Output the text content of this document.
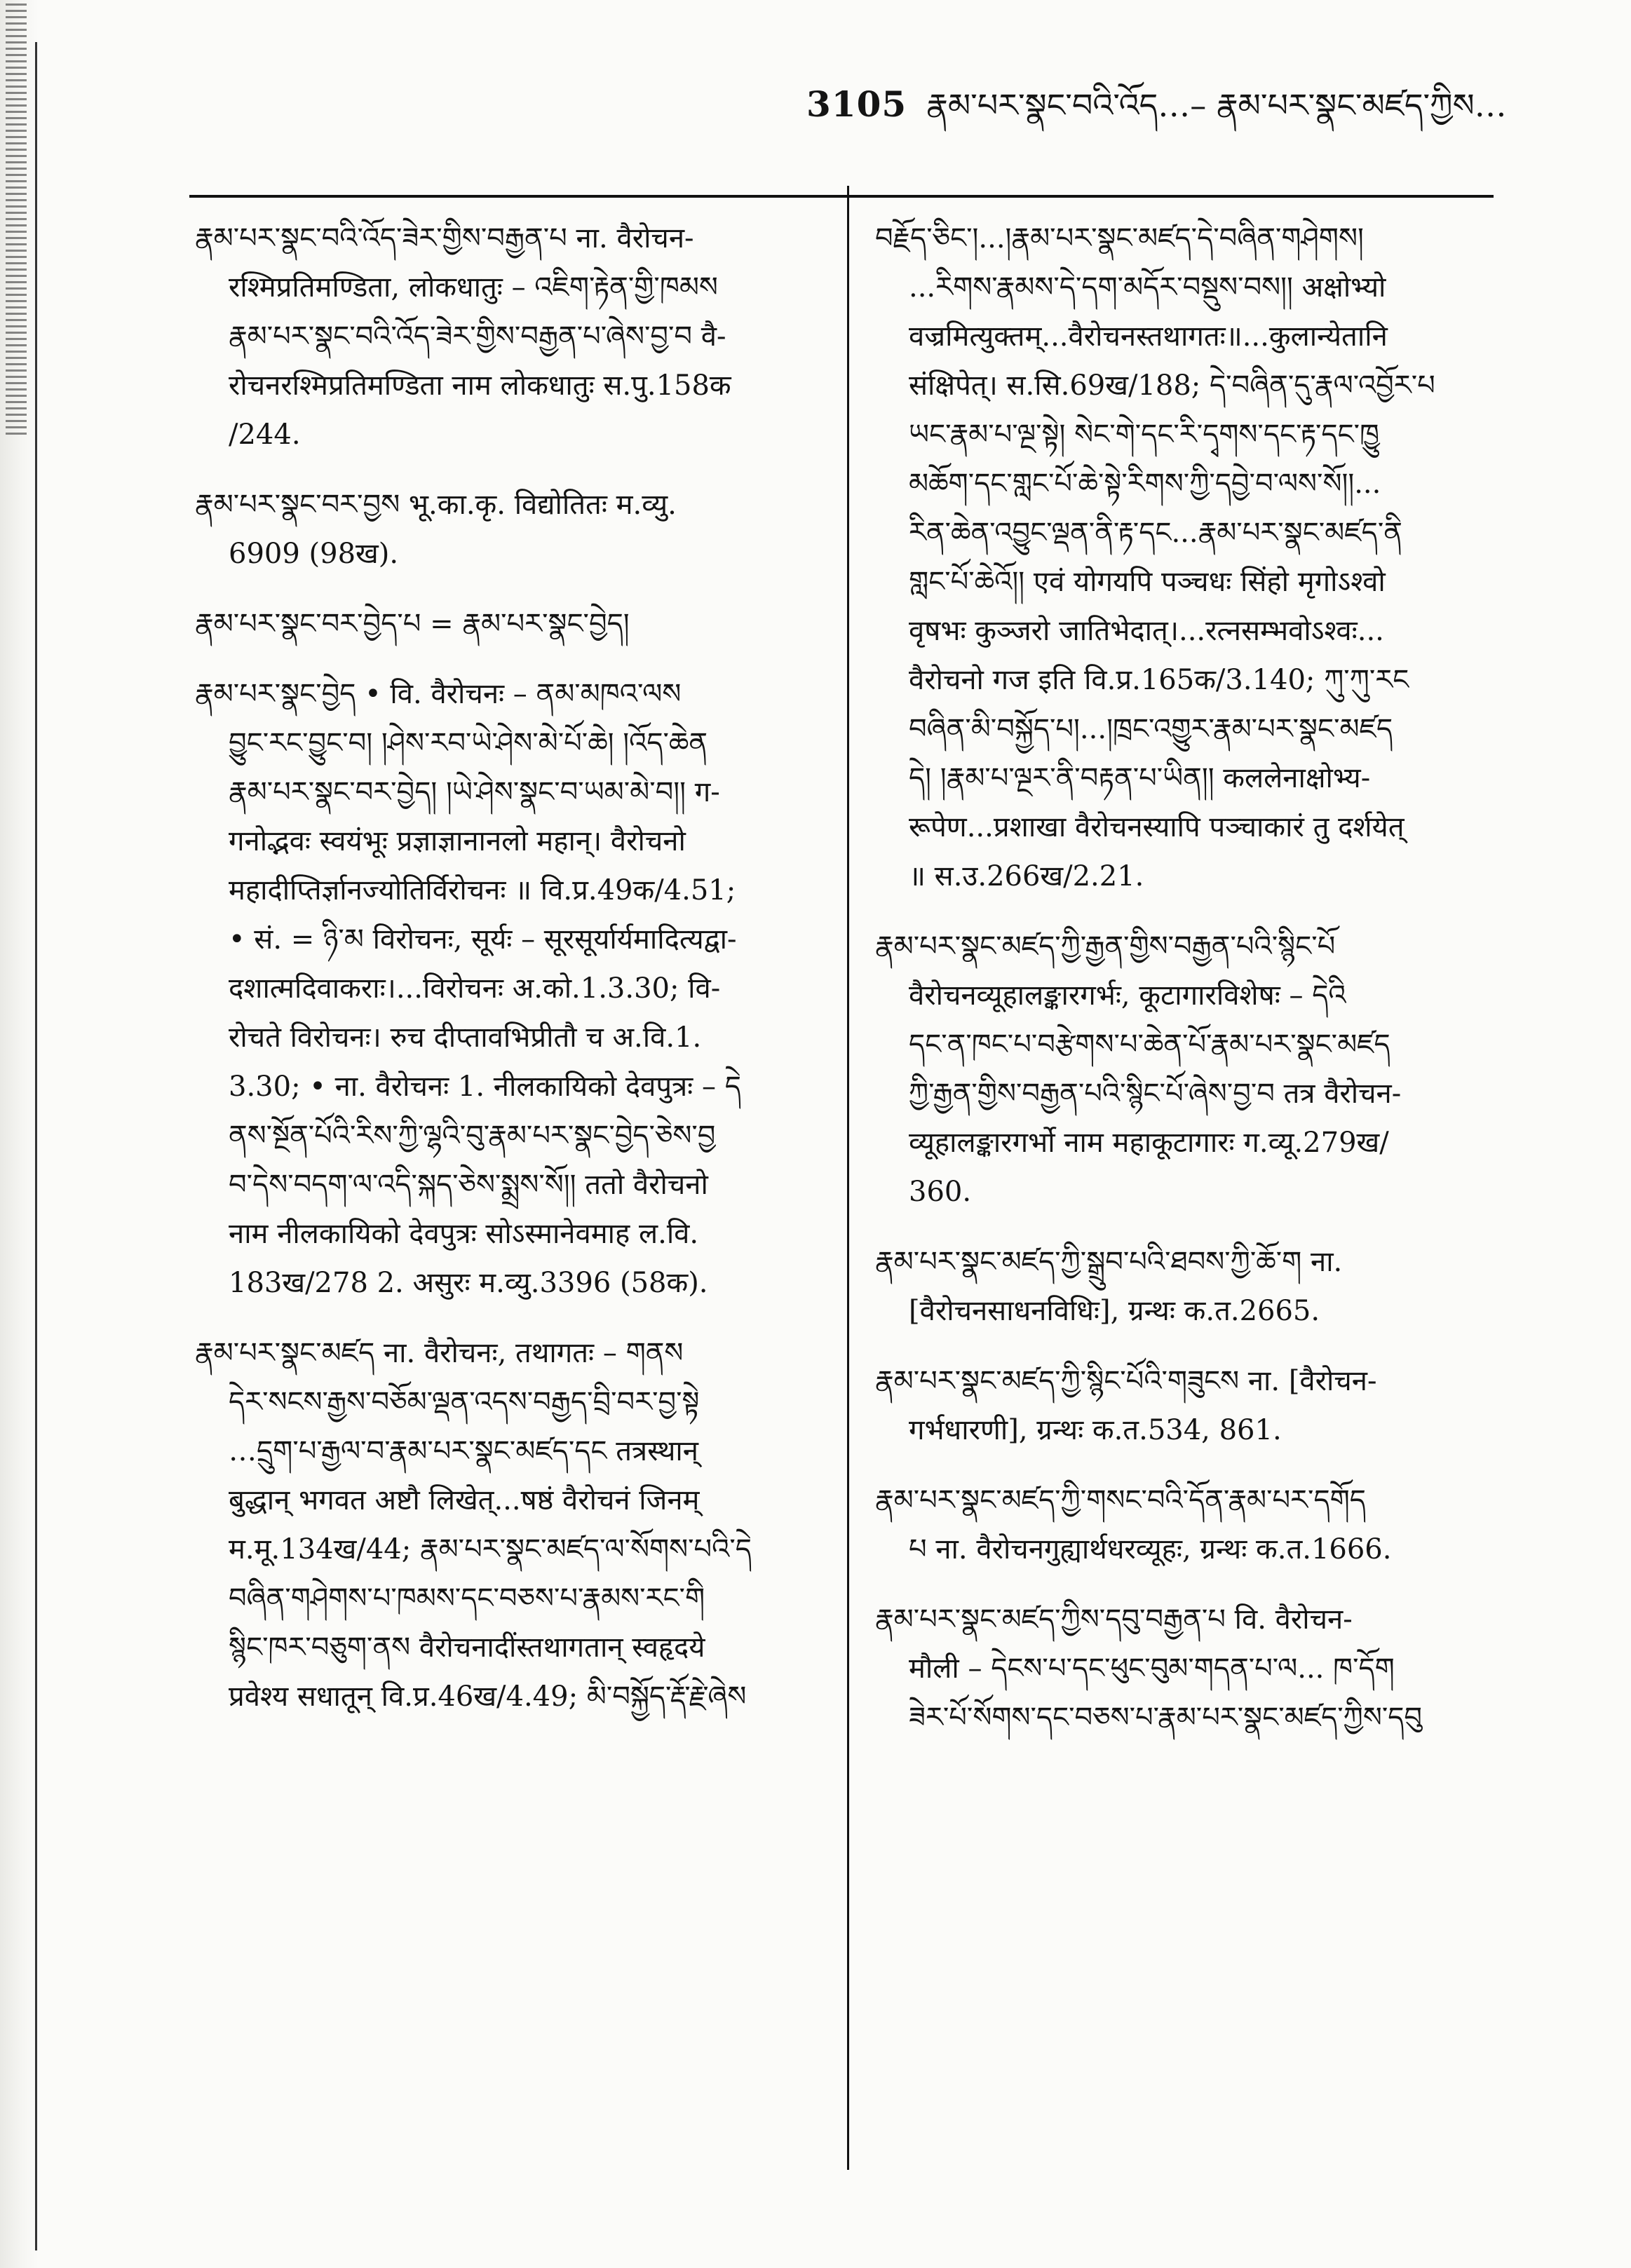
3105 རྣམ་པར་སྣང་བའི་འོད…– རྣམ་པར་སྣང་མཛད་ཀྱིས…

རྣམ་པར་སྣང་བའི་འོད་ཟེར་གྱིས་བརྒྱན་པ ना. वैरोचन-

रश्मिप्रतिमण्डिता, लोकधातुः – འཇིག་རྟེན་གྱི་ཁམས

རྣམ་པར་སྣང་བའི་འོད་ཟེར་གྱིས་བརྒྱན་པ་ཞེས་བྱ་བ वै-

रोचनरश्मिप्रतिमण्डिता नाम लोकधातुः स.पु.158क

/244.

རྣམ་པར་སྣང་བར་བྱས भू.का.कृ. विद्योतितः म.व्यु.

6909 (98ख).

རྣམ་པར་སྣང་བར་བྱེད་པ = རྣམ་པར་སྣང་བྱེད།

རྣམ་པར་སྣང་བྱེད • वि. वैरोचनः – ནམ་མཁའ་ལས

བྱུང་རང་བྱུང་བ། །ཤེས་རབ་ཡེ་ཤེས་མེ་པོ་ཆེ། །འོད་ཆེན

རྣམ་པར་སྣང་བར་བྱེད། །ཡེ་ཤེས་སྣང་བ་ཡམ་མེ་བ།། ग-

गनोद्भवः स्वयंभूः प्रज्ञाज्ञानानलो महान्। वैरोचनो

महादीप्तिर्ज्ञानज्योतिर्विरोचनः ॥ वि.प्र.49क/4.51;

• सं. = ཉི་མ विरोचनः, सूर्यः – सूरसूर्यार्यमादित्यद्वा-

दशात्मदिवाकराः।...विरोचनः अ.को.1.3.30; वि-

रोचते विरोचनः। रुच दीप्तावभिप्रीतौ च अ.वि.1.

3.30; • ना. वैरोचनः 1. नीलकायिको देवपुत्रः – དེ

ནས་སྔོན་པོའི་རིས་ཀྱི་ལྷའི་བུ་རྣམ་པར་སྣང་བྱེད་ཅེས་བྱ

བ་དེས་བདག་ལ་འདི་སྐད་ཅེས་སྨྲས་སོ།། ततो वैरोचनो

नाम नीलकायिको देवपुत्रः सोऽस्मानेवमाह ल.वि.

183ख/278 2. असुरः म.व्यु.3396 (58क).

རྣམ་པར་སྣང་མཛད ना. वैरोचनः, तथागतः – གནས

དེར་སངས་རྒྱས་བཅོམ་ལྡན་འདས་བརྒྱད་བྲི་བར་བྱ་སྟེ

…དྲུག་པ་རྒྱལ་བ་རྣམ་པར་སྣང་མཛད་དང तत्रस्थान्

बुद्धान् भगवत अष्टौ लिखेत्...षष्ठं वैरोचनं जिनम्

म.मू.134ख/44; རྣམ་པར་སྣང་མཛད་ལ་སོགས་པའི་དེ

བཞིན་གཤེགས་པ་ཁམས་དང་བཅས་པ་རྣམས་རང་གི

སྙིང་ཁར་བཅུག་ནས वैरोचनादींस्तथागतान् स्वहृदये

प्रवेश्य सधातून् वि.प्र.46ख/4.49; མི་བསྐྱོད་རྡོ་རྗེ་ཞེས

བརྗོད་ཅིང་།...།རྣམ་པར་སྣང་མཛད་དེ་བཞིན་གཤེགས།

...རིགས་རྣམས་དེ་དག་མདོར་བསྡུས་བས།། अक्षोभ्यो

वज्रमित्युक्तम्...वैरोचनस्तथागतः॥...कुलान्येतानि

संक्षिपेत्। स.सि.69ख/188; དེ་བཞིན་དུ་རྣལ་འབྱོར་པ

ཡང་རྣམ་པ་ལྔ་སྟེ། སེང་གེ་དང་རི་དྭགས་དང་རྟ་དང་ཁྱུ

མཆོག་དང་གླང་པོ་ཆེ་སྟེ་རིགས་ཀྱི་དབྱེ་བ་ལས་སོ།།...

རིན་ཆེན་འབྱུང་ལྡན་ནི་རྟ་དང...རྣམ་པར་སྣང་མཛད་ནི

གླང་པོ་ཆེའོ།། एवं योगयपि पञ्चधः सिंहो मृगोऽश्वो

वृषभः कुञ्जरो जातिभेदात्।...रत्नसम्भवोऽश्वः...

वैरोचनो गज इति वि.प्र.165क/3.140; ཀུ་ཀུ་རང

བཞིན་མི་བསྐྱོད་པ།...།ཁྲང་འགྱུར་རྣམ་པར་སྣང་མཛད

དེ། །རྣམ་པ་ལྔར་ནི་བརྟན་པ་ཡིན།། कललेनाक्षोभ्य-

रूपेण...प्रशाखा वैरोचनस्यापि पञ्चाकारं तु दर्शयेत्

॥ स.उ.266ख/2.21.

རྣམ་པར་སྣང་མཛད་ཀྱི་རྒྱན་གྱིས་བརྒྱན་པའི་སྙིང་པོ

वैरोचनव्यूहालङ्कारगर्भः, कूटागारविशेषः – དེའི

དང་ན་ཁང་པ་བརྩེགས་པ་ཆེན་པོ་རྣམ་པར་སྣང་མཛད

ཀྱི་རྒྱན་གྱིས་བརྒྱན་པའི་སྙིང་པོ་ཞེས་བྱ་བ तत्र वैरोचन-

व्यूहालङ्कारगर्भो नाम महाकूटागारः ग.व्यू.279ख/

360.

རྣམ་པར་སྣང་མཛད་ཀྱི་སྒྲུབ་པའི་ཐབས་ཀྱི་ཆོ་ག ना.

[वैरोचनसाधनविधिः], ग्रन्थः क.त.2665.

རྣམ་པར་སྣང་མཛད་ཀྱི་སྙིང་པོའི་གཟུངས ना. [वैरोचन-

गर्भधारणी], ग्रन्थः क.त.534, 861.

རྣམ་པར་སྣང་མཛད་ཀྱི་གསང་བའི་དོན་རྣམ་པར་དགོད

པ ना. वैरोचनगुह्यार्थधरव्यूहः, ग्रन्थः क.त.1666.

རྣམ་པར་སྣང་མཛད་ཀྱིས་དབུ་བརྒྱན་པ वि. वैरोचन-

मौली – དེངས་པ་དང་ཕུང་བུམ་གདན་པ་ལ... ཁ་དོག

ཟེར་པོ་སོགས་དང་བཅས་པ་རྣམ་པར་སྣང་མཛད་ཀྱིས་དབུ
